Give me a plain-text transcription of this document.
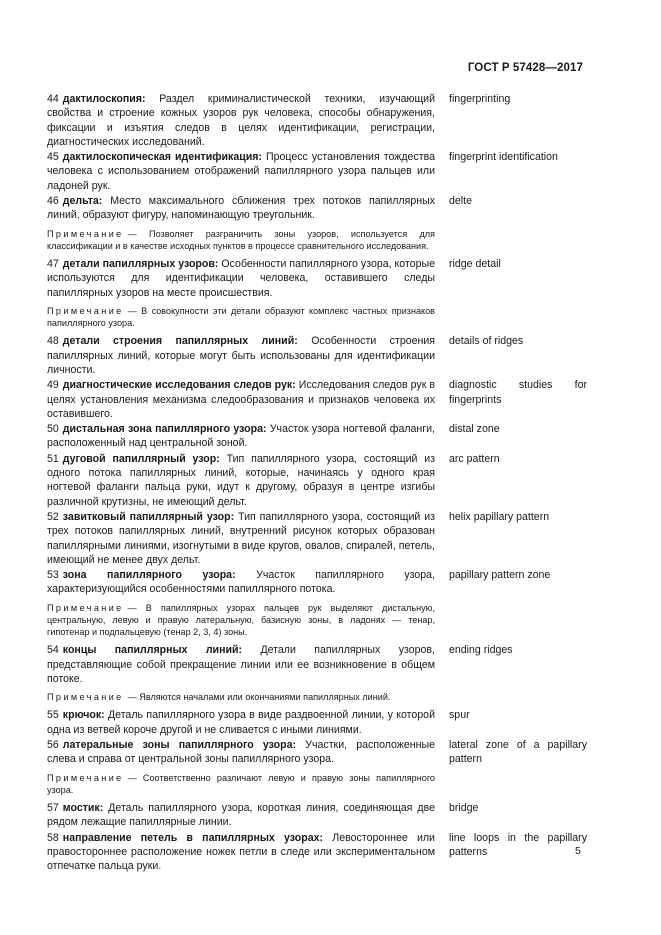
ГОСТ Р 57428—2017

44 дактилоскопия: Раздел криминалистической техники, изучающий свойства и строение кожных узоров рук человека, способы обнаружения, фиксации и изъятия следов в целях идентификации, регистрации, диагностических исследований.

fingerprinting

45 дактилоскопическая идентификация: Процесс установления тождества человека с использованием отображений папиллярного узора пальцев или ладоней рук.

fingerprint identification

46 дельта: Место максимального сближения трех потоков папиллярных линий, образуют фигуру, напоминающую треугольник.

delte

Примечание — Позволяет разграничить зоны узоров, используется для классификации и в качестве исходных пунктов в процессе сравнительного исследования.

47 детали папиллярных узоров: Особенности папиллярного узора, которые используются для идентификации человека, оставившего следы папиллярных узоров на месте происшествия.

ridge detail

Примечание — В совокупности эти детали образуют комплекс частных признаков папиллярного узора.

48 детали строения папиллярных линий: Особенности строения папиллярных линий, которые могут быть использованы для идентификации личности.

details of ridges

49 диагностические исследования следов рук: Исследования следов рук в целях установления механизма следообразования и признаков человека их оставившего.

diagnostic studies for fingerprints

50 дистальная зона папиллярного узора: Участок узора ногтевой фаланги, расположенный над центральной зоной.

distal zone

51 дуговой папиллярный узор: Тип папиллярного узора, состоящий из одного потока папиллярных линий, которые, начинаясь у одного края ногтевой фаланги пальца руки, идут к другому, образуя в центре изгибы различной крутизны, не имеющий дельт.

arc pattern

52 завитковый папиллярный узор: Тип папиллярного узора, состоящий из трех потоков папиллярных линий, внутренний рисунок которых образован папиллярными линиями, изогнутыми в виде кругов, овалов, спиралей, петель, имеющий не менее двух дельт.

helix papillary pattern

53 зона папиллярного узора: Участок папиллярного узора, характеризующийся особенностями папиллярного потока.

papillary pattern zone

Примечание — В папиллярных узорах пальцев рук выделяют дистальную, центральную, левую и правую латеральную, базисную зоны, в ладонях — тенар, гипотенар и подпальцевую (тенар 2, 3, 4) зоны.

54 концы папиллярных линий: Детали папиллярных узоров, представляющие собой прекращение линии или ее возникновение в общем потоке.

ending ridges

Примечание — Являются началами или окончаниями папиллярных линий.

55 крючок: Деталь папиллярного узора в виде раздвоенной линии, у которой одна из ветвей короче другой и не сливается с иными линиями.

spur

56 латеральные зоны папиллярного узора: Участки, расположенные слева и справа от центральной зоны папиллярного узора.

lateral zone of a papillary pattern

Примечание — Соответственно различают левую и правую зоны папиллярного узора.

57 мостик: Деталь папиллярного узора, короткая линия, соединяющая две рядом лежащие папиллярные линии.

bridge

58 направление петель в папиллярных узорах: Левостороннее или правостороннее расположение ножек петли в следе или экспериментальном отпечатке пальца руки.

line loops in the papillary patterns	5
